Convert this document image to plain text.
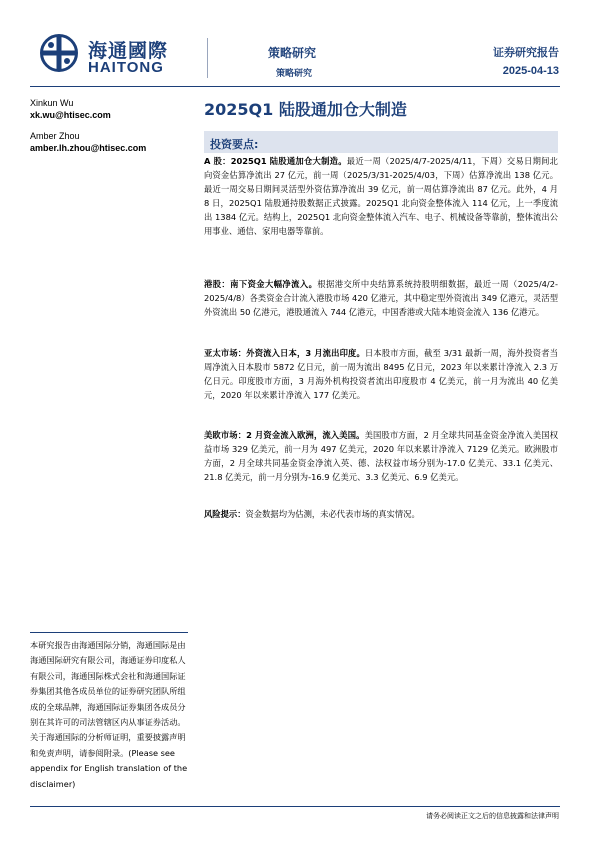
海通國際
HAITONG
策略研究
策略研究
证券研究报告
2025-04-13
Xinkun Wu
xk.wu@htisec.com
Amber Zhou
amber.lh.zhou@htisec.com
2025Q1 陆股通加仓大制造
投资要点:
A 股：2025Q1 陆股通加仓大制造。最近一周（2025/4/7-2025/4/11，下周）交易日期间北向资金估算净流出 27 亿元，前一周（2025/3/31-2025/4/03，下周）估算净流出 138 亿元。最近一周交易日期间灵活型外资估算净流出 39 亿元，前一周估算净流出 87 亿元。此外，4 月 8 日，2025Q1 陆股通持股数据正式披露。2025Q1 北向资金整体流入 114 亿元，上一季度流出 1384 亿元。结构上，2025Q1 北向资金整体流入汽车、电子、机械设备等靠前，整体流出公用事业、通信、家用电器等靠前。
港股：南下资金大幅净流入。根据港交所中央结算系统持股明细数据，最近一周（2025/4/2-2025/4/8）各类资金合计流入港股市场 420 亿港元，其中稳定型外资流出 349 亿港元，灵活型外资流出 50 亿港元，港股通流入 744 亿港元，中国香港或大陆本地资金流入 136 亿港元。
亚太市场：外资流入日本，3 月流出印度。日本股市方面，截至 3/31 最新一周，海外投资者当周净流入日本股市 5872 亿日元，前一周为流出 8495 亿日元，2023 年以来累计净流入 2.3 万亿日元。印度股市方面，3 月海外机构投资者流出印度股市 4 亿美元，前一月为流出 40 亿美元，2020 年以来累计净流入 177 亿美元。
美欧市场：2 月资金流入欧洲，流入美国。美国股市方面，2 月全球共同基金资金净流入美国权益市场 329 亿美元，前一月为 497 亿美元，2020 年以来累计净流入 7129 亿美元。欧洲股市方面，2 月全球共同基金资金净流入英、德、法权益市场分别为-17.0 亿美元、33.1 亿美元、21.8 亿美元，前一月分别为-16.9 亿美元、3.3 亿美元、6.9 亿美元。
风险提示：资金数据均为估测，未必代表市场的真实情况。
本研究报告由海通国际分销，海通国际是由海通国际研究有限公司，海通证券印度私人有限公司，海通国际株式会社和海通国际证券集团其他各成员单位的证券研究团队所组成的全球品牌，海通国际证券集团各成员分别在其许可的司法管辖区内从事证券活动。关于海通国际的分析师证明，重要披露声明和免责声明，请参阅附录。(Please see appendix for English translation of the disclaimer)
请务必阅读正文之后的信息披露和法律声明
